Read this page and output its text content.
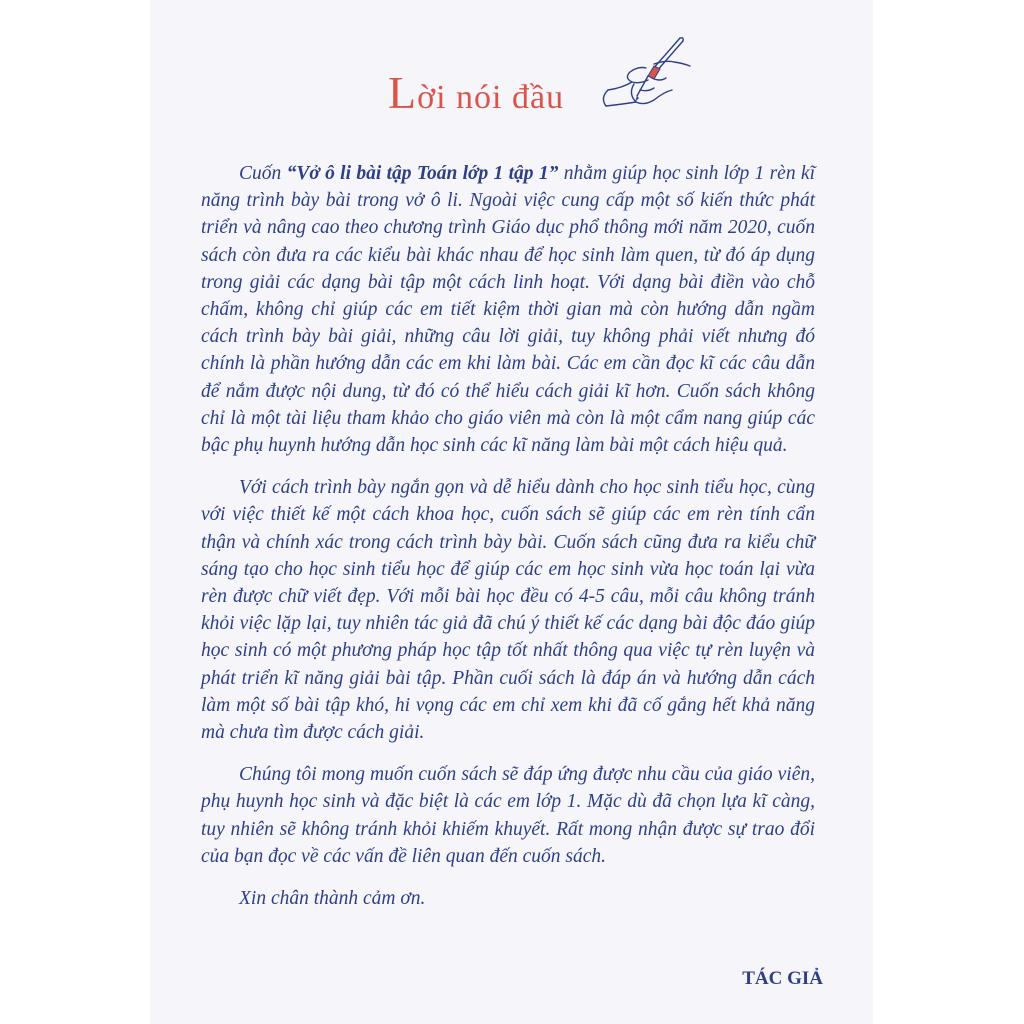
Lời nói đầu

Cuốn “Vở ô li bài tập Toán lớp 1 tập 1” nhằm giúp học sinh lớp 1 rèn kĩ năng trình bày bài trong vở ô li. Ngoài việc cung cấp một số kiến thức phát triển và nâng cao theo chương trình Giáo dục phổ thông mới năm 2020, cuốn sách còn đưa ra các kiểu bài khác nhau để học sinh làm quen, từ đó áp dụng trong giải các dạng bài tập một cách linh hoạt. Với dạng bài điền vào chỗ chấm, không chỉ giúp các em tiết kiệm thời gian mà còn hướng dẫn ngầm cách trình bày bài giải, những câu lời giải, tuy không phải viết nhưng đó chính là phần hướng dẫn các em khi làm bài. Các em cần đọc kĩ các câu dẫn để nắm được nội dung, từ đó có thể hiểu cách giải kĩ hơn. Cuốn sách không chỉ là một tài liệu tham khảo cho giáo viên mà còn là một cẩm nang giúp các bậc phụ huynh hướng dẫn học sinh các kĩ năng làm bài một cách hiệu quả.

Với cách trình bày ngắn gọn và dễ hiểu dành cho học sinh tiểu học, cùng với việc thiết kế một cách khoa học, cuốn sách sẽ giúp các em rèn tính cẩn thận và chính xác trong cách trình bày bài. Cuốn sách cũng đưa ra kiểu chữ sáng tạo cho học sinh tiểu học để giúp các em học sinh vừa học toán lại vừa rèn được chữ viết đẹp. Với mỗi bài học đều có 4-5 câu, mỗi câu không tránh khỏi việc lặp lại, tuy nhiên tác giả đã chú ý thiết kế các dạng bài độc đáo giúp học sinh có một phương pháp học tập tốt nhất thông qua việc tự rèn luyện và phát triển kĩ năng giải bài tập. Phần cuối sách là đáp án và hướng dẫn cách làm một số bài tập khó, hi vọng các em chỉ xem khi đã cố gắng hết khả năng mà chưa tìm được cách giải.

Chúng tôi mong muốn cuốn sách sẽ đáp ứng được nhu cầu của giáo viên, phụ huynh học sinh và đặc biệt là các em lớp 1. Mặc dù đã chọn lựa kĩ càng, tuy nhiên sẽ không tránh khỏi khiếm khuyết. Rất mong nhận được sự trao đổi của bạn đọc về các vấn đề liên quan đến cuốn sách.

Xin chân thành cảm ơn.

TÁC GIẢ
